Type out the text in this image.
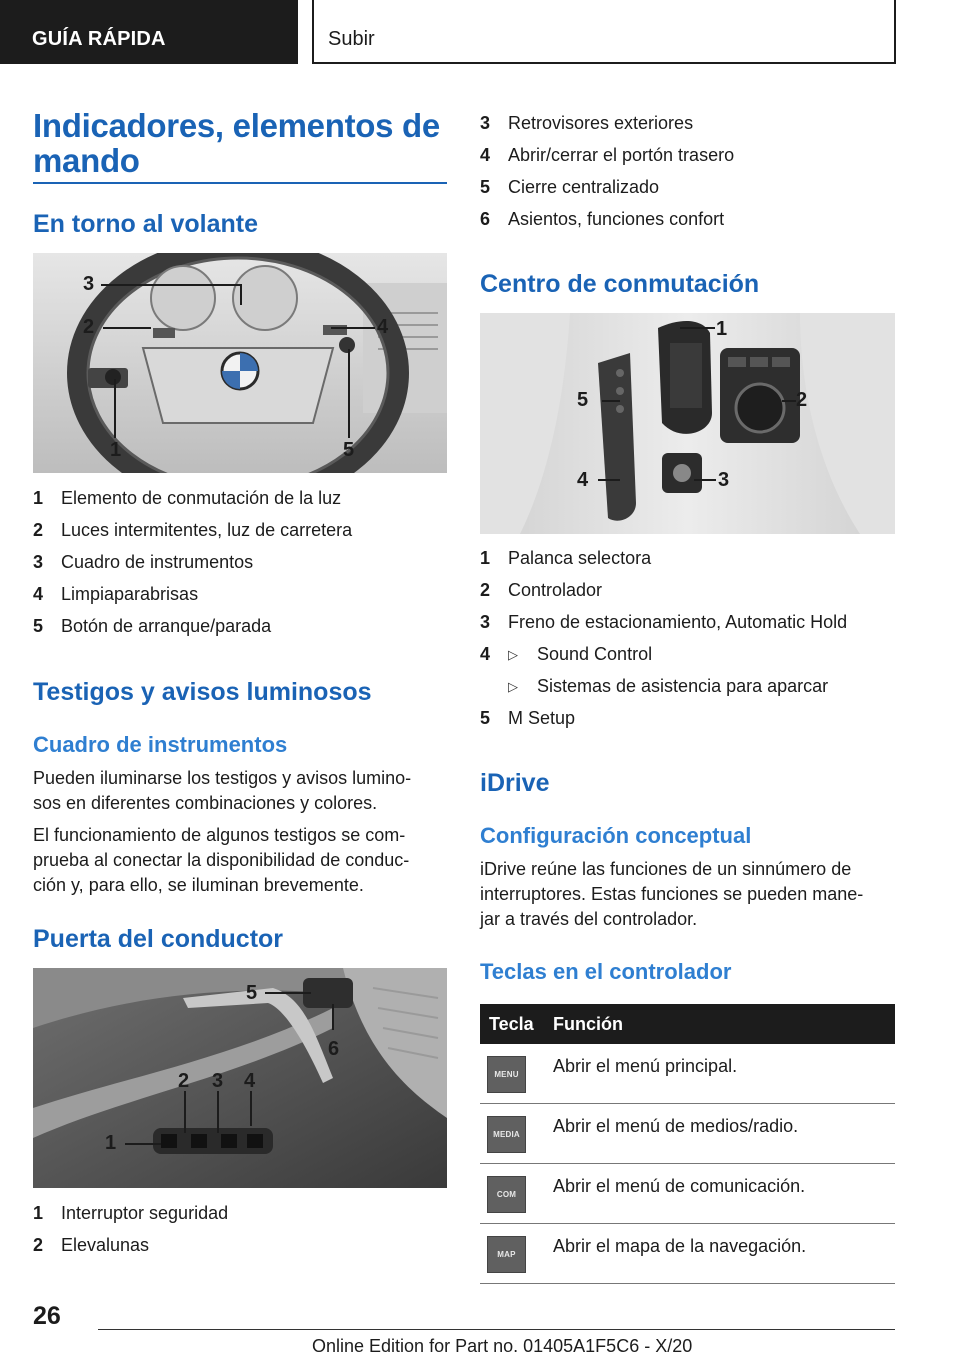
GUÍA RÁPIDA	Subir
Indicadores, elementos de
mando
En torno al volante
3
2	4
1	5
1 Elemento de conmutación de la luz
2 Luces intermitentes, luz de carretera
3 Cuadro de instrumentos
4 Limpiaparabrisas
5 Botón de arranque/parada
Testigos y avisos luminosos
Cuadro de instrumentos
Pueden iluminarse los testigos y avisos lumino-
sos en diferentes combinaciones y colores.
El funcionamiento de algunos testigos se com-
prueba al conectar la disponibilidad de conduc-
ción y, para ello, se iluminan brevemente.
Puerta del conductor
5
6
2 3 4
1
1 Interruptor seguridad
2 Elevalunas
3 Retrovisores exteriores
4 Abrir/cerrar el portón trasero
5 Cierre centralizado
6 Asientos, funciones confort
Centro de conmutación
1
5	2
4	3
1 Palanca selectora
2 Controlador
3 Freno de estacionamiento, Automatic Hold
4	▷	Sound Control
▷	Sistemas de asistencia para aparcar
5 M Setup
iDrive
Configuración conceptual
iDrive reúne las funciones de un sinnúmero de
interruptores. Estas funciones se pueden mane-
jar a través del controlador.
Teclas en el controlador
Tecla	Función
MENU	Abrir el menú principal.
MEDIA	Abrir el menú de medios/radio.
COM	Abrir el menú de comunicación.
MAP	Abrir el mapa de la navegación.
26
Online Edition for Part no. 01405A1F5C6 - X/20
